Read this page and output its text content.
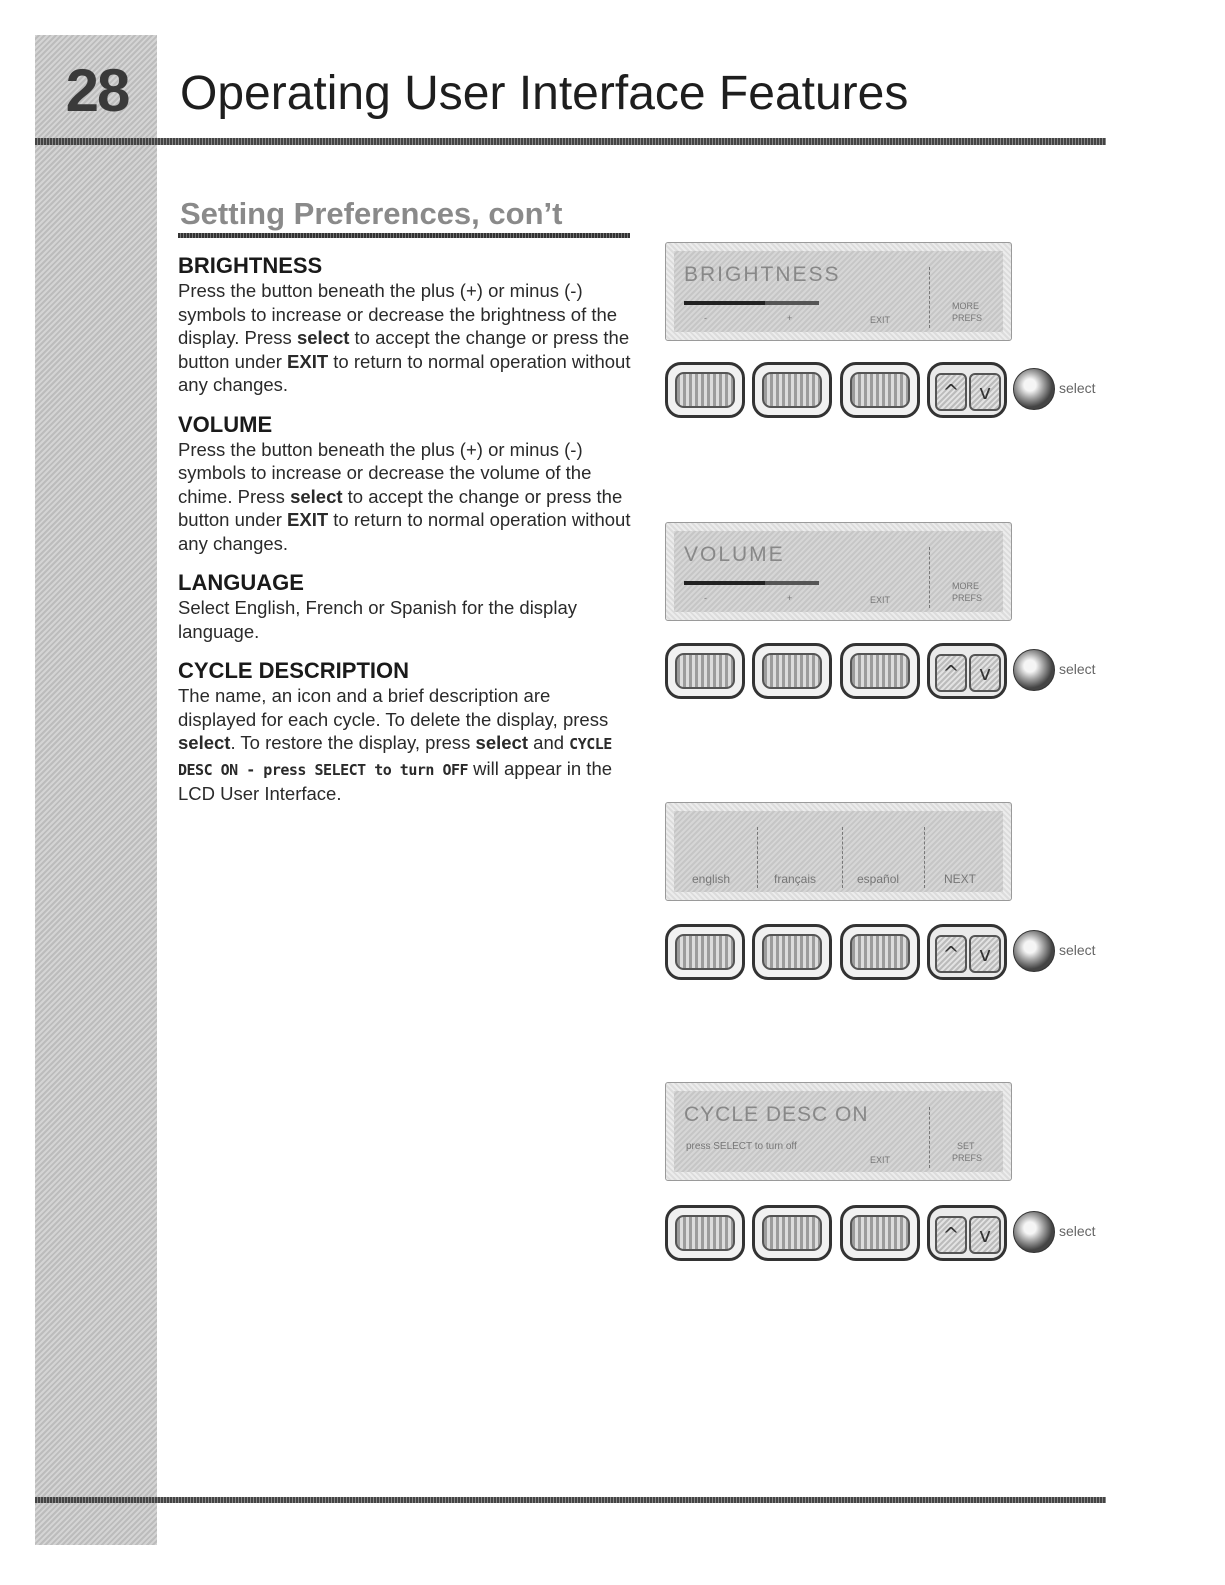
28	Operating User Interface Features
Setting Preferences, con’t
BRIGHTNESS

Press the button beneath the plus (+) or minus (-) symbols to increase or decrease the brightness of the display. Press select to accept the change or press the button under EXIT to return to normal operation without any changes.

VOLUME

Press the button beneath the plus (+) or minus (-) symbols to increase or decrease the volume of the chime. Press select to accept the change or press the button under EXIT to return to normal operation without any changes.

LANGUAGE

Select English, French or Spanish for the display language.

CYCLE DESCRIPTION

The name, an icon and a brief description are displayed for each cycle. To delete the display, press select. To restore the display, press select and CYCLE DESC ON - press SELECT to turn OFF will appear in the LCD User Interface.

BRIGHTNESS
-	+	EXIT
MORE
PREFS
^ v	select
VOLUME
-	+	EXIT
MORE
PREFS
^ v	select
english	français	español	NEXT
^ v	select
CYCLE DESC ON
press SELECT to turn off
EXIT
SET
PREFS
^ v	select
